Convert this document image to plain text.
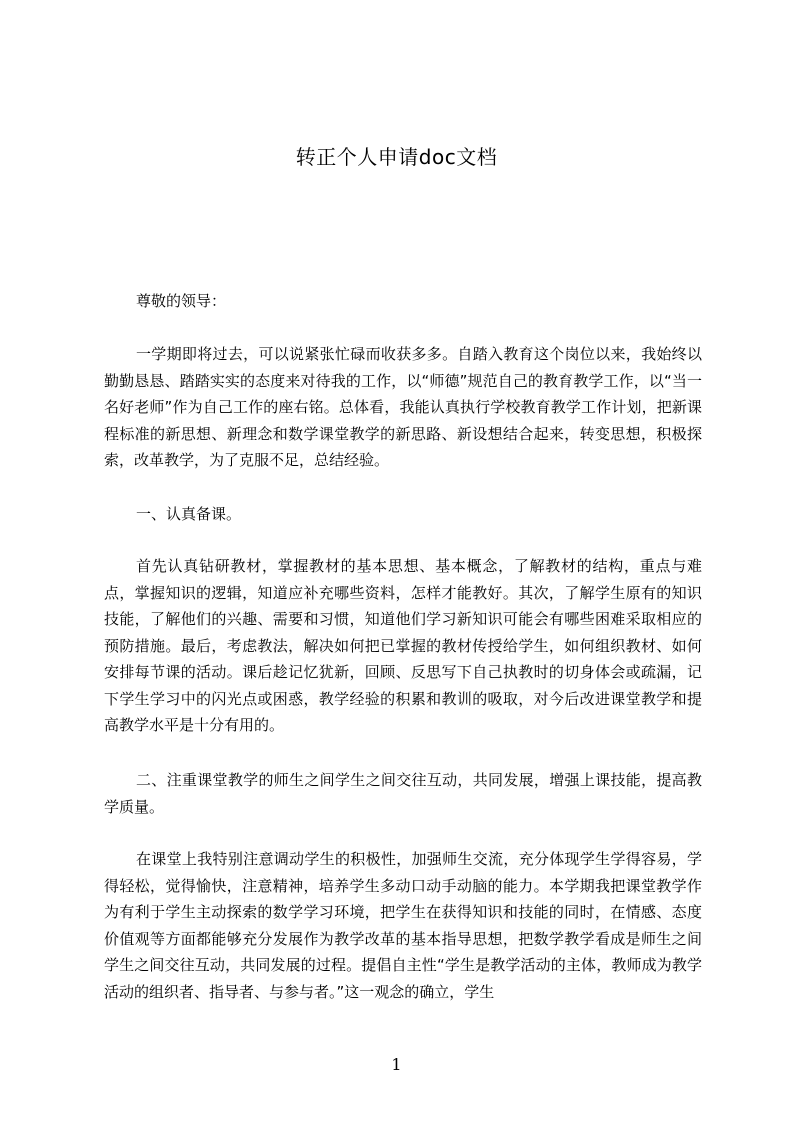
转正个人申请doc文档

尊敬的领导：

一学期即将过去，可以说紧张忙碌而收获多多。自踏入教育这个岗位以来，我始终以勤勤恳恳、踏踏实实的态度来对待我的工作，以“师德”规范自己的教育教学工作，以“当一名好老师”作为自己工作的座右铭。总体看，我能认真执行学校教育教学工作计划，把新课程标准的新思想、新理念和数学课堂教学的新思路、新设想结合起来，转变思想，积极探索，改革教学，为了克服不足，总结经验。

一、认真备课。

首先认真钻研教材，掌握教材的基本思想、基本概念，了解教材的结构，重点与难点，掌握知识的逻辑，知道应补充哪些资料，怎样才能教好。其次，了解学生原有的知识技能，了解他们的兴趣、需要和习惯，知道他们学习新知识可能会有哪些困难采取相应的预防措施。最后，考虑教法，解决如何把已掌握的教材传授给学生，如何组织教材、如何安排每节课的活动。课后趁记忆犹新，回顾、反思写下自己执教时的切身体会或疏漏，记下学生学习中的闪光点或困惑，教学经验的积累和教训的吸取，对今后改进课堂教学和提高教学水平是十分有用的。

二、注重课堂教学的师生之间学生之间交往互动，共同发展，增强上课技能，提高教学质量。

在课堂上我特别注意调动学生的积极性，加强师生交流，充分体现学生学得容易，学得轻松，觉得愉快，注意精神，培养学生多动口动手动脑的能力。本学期我把课堂教学作为有利于学生主动探索的数学学习环境，把学生在获得知识和技能的同时，在情感、态度价值观等方面都能够充分发展作为教学改革的基本指导思想，把数学教学看成是师生之间学生之间交往互动，共同发展的过程。提倡自主性“学生是教学活动的主体，教师成为教学活动的组织者、指导者、与参与者。”这一观念的确立，学生

1
